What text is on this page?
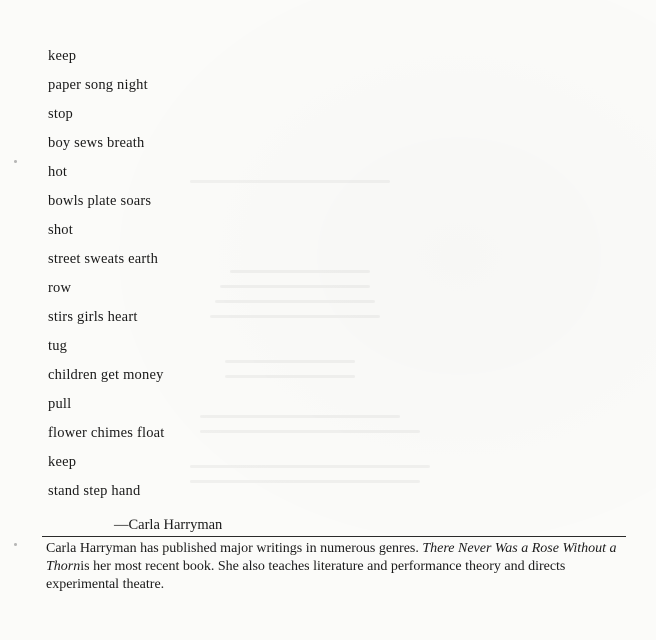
keep
paper song night
stop
boy sews breath
hot
bowls plate soars
shot
street sweats earth
row
stirs girls heart
tug
children get money
pull
flower chimes float
keep
stand step hand
—Carla Harryman

Carla Harryman has published major writings in numerous genres. There Never Was a Rose Without a Thornis her most recent book. She also teaches literature and performance theory and directs experimental theatre.
